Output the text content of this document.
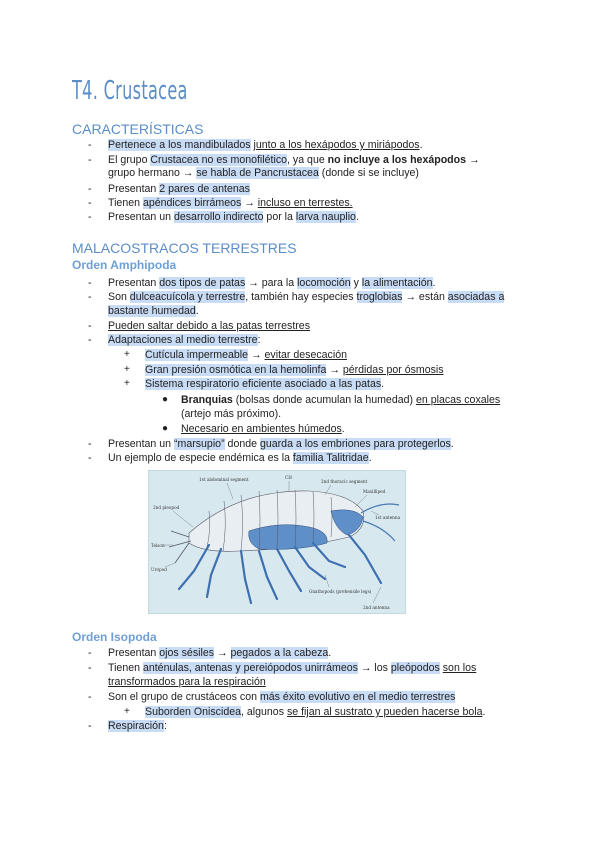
T4. Crustacea
CARACTERÍSTICAS
- Pertenece a los mandibulados junto a los hexápodos y miriápodos.
- El grupo Crustacea no es monofilético, ya que no incluye a los hexápodos →
grupo hermano → se habla de Pancrustacea (donde si se incluye)
- Presentan 2 pares de antenas
- Tienen apéndices birrámeos → incluso en terrestes.
- Presentan un desarrollo indirecto por la larva nauplio.
MALACOSTRACOS TERRESTRES
Orden Amphipoda
- Presentan dos tipos de patas → para la locomoción y la alimentación.
- Son dulceacuícola y terrestre, también hay especies troglobias → están asociadas a
bastante humedad.
- Pueden saltar debido a las patas terrestres
- Adaptaciones al medio terrestre:
+ Cutícula impermeable → evitar desecación
+ Gran presión osmótica en la hemolinfa → pérdidas por ósmosis
+ Sistema respiratorio eficiente asociado a las patas.
● Branquias (bolsas donde acumulan la humedad) en placas coxales
(artejo más próximo).
● Necesario en ambientes húmedos.
- Presentan un “marsupio” donde guarda a los embriones para protegerlos.
- Un ejemplo de especie endémica es la familia Talitridae.
1st abdominal segment	CH
2nd thoracic segment
Maxilliped
2nd pleopod
1st antenna
Telson
Uropod
Gnathopods (prehensile legs)
2nd antenna
Orden Isopoda
- Presentan ojos sésiles → pegados a la cabeza.
- Tienen anténulas, antenas y pereiópodos unirrámeos → los pleópodos son los
transformados para la respiración
- Son el grupo de crustáceos con más éxito evolutivo en el medio terrestres
+ Suborden Oniscidea, algunos se fijan al sustrato y pueden hacerse bola.
- Respiración:
